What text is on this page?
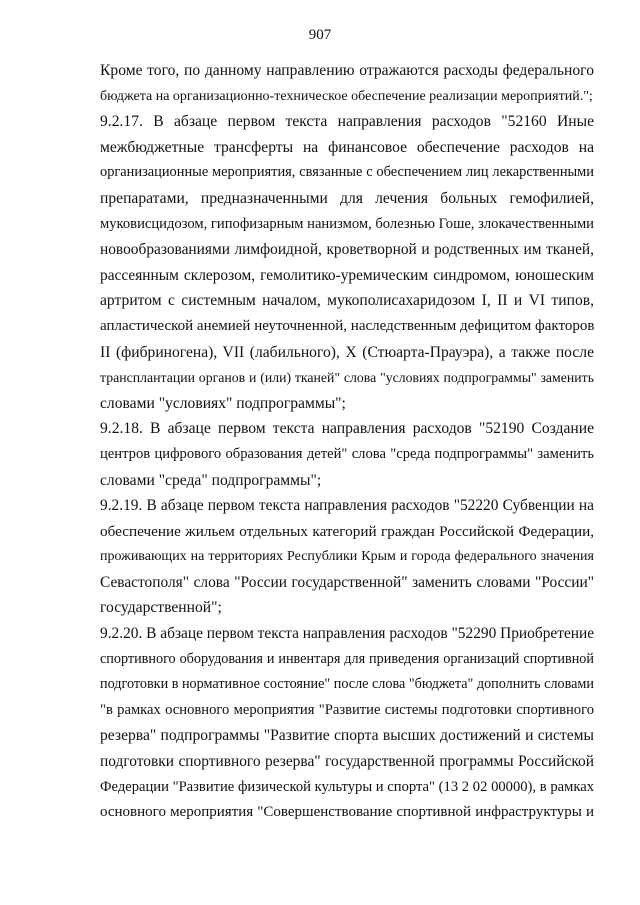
907

Кроме того, по данному направлению отражаются расходы федерального
бюджета на организационно-техническое обеспечение реализации мероприятий.";

9.2.17. В абзаце первом текста направления расходов "52160 Иные
межбюджетные трансферты на финансовое обеспечение расходов на
организационные мероприятия, связанные с обеспечением лиц лекарственными
препаратами, предназначенными для лечения больных гемофилией,
муковисцидозом, гипофизарным нанизмом, болезнью Гоше, злокачественными
новообразованиями лимфоидной, кроветворной и родственных им тканей,
рассеянным склерозом, гемолитико-уремическим синдромом, юношеским
артритом с системным началом, мукополисахаридозом I, II и VI типов,
апластической анемией неуточненной, наследственным дефицитом факторов
II (фибриногена), VII (лабильного), X (Стюарта-Прауэра), а также после
трансплантации органов и (или) тканей" слова "условиях подпрограммы" заменить
словами "условиях" подпрограммы";

9.2.18. В абзаце первом текста направления расходов "52190 Создание
центров цифрового образования детей" слова "среда подпрограммы" заменить
словами "среда" подпрограммы";

9.2.19. В абзаце первом текста направления расходов "52220 Субвенции на
обеспечение жильем отдельных категорий граждан Российской Федерации,
проживающих на территориях Республики Крым и города федерального значения
Севастополя" слова "России государственной" заменить словами "России"
государственной";

9.2.20. В абзаце первом текста направления расходов "52290 Приобретение
спортивного оборудования и инвентаря для приведения организаций спортивной
подготовки в нормативное состояние" после слова "бюджета" дополнить словами
"в рамках основного мероприятия "Развитие системы подготовки спортивного
резерва" подпрограммы "Развитие спорта высших достижений и системы
подготовки спортивного резерва" государственной программы Российской
Федерации "Развитие физической культуры и спорта" (13 2 02 00000), в рамках
основного мероприятия "Совершенствование спортивной инфраструктуры и
